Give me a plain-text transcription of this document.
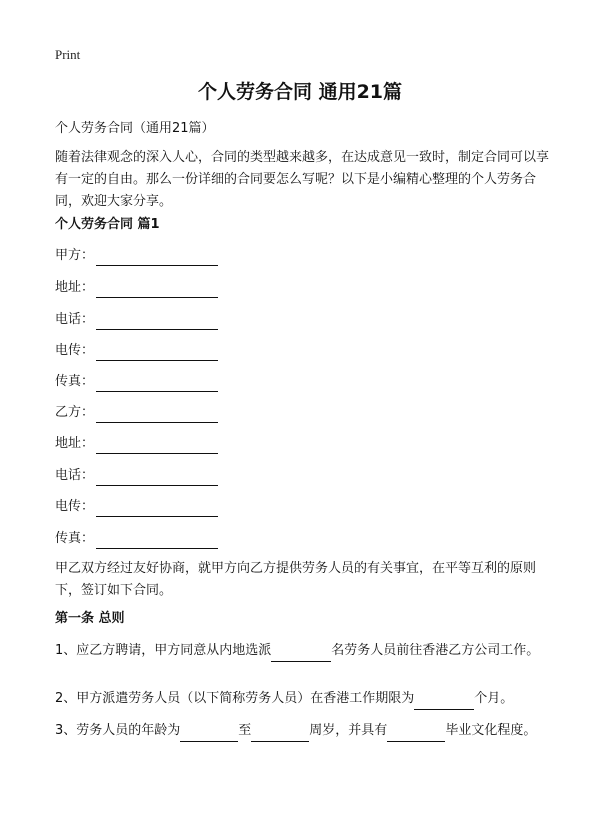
Print
个人劳务合同 通用21篇

个人劳务合同（通用21篇）

随着法律观念的深入人心，合同的类型越来越多，在达成意见一致时，制定合同可以享有一定的自由。那么一份详细的合同要怎么写呢？以下是小编精心整理的个人劳务合同，欢迎大家分享。

个人劳务合同 篇1

甲方：
地址：
电话：
电传：
传真：
乙方：
地址：
电话：
电传：
传真：

甲乙双方经过友好协商，就甲方向乙方提供劳务人员的有关事宜，在平等互利的原则下，签订如下合同。

第一条 总则

1、应乙方聘请，甲方同意从内地选派	名劳务人员前往香港乙方公司工作。

2、甲方派遣劳务人员（以下简称劳务人员）在香港工作期限为	个月。

3、劳务人员的年龄为	至	周岁，并具有	毕业文化程度。
